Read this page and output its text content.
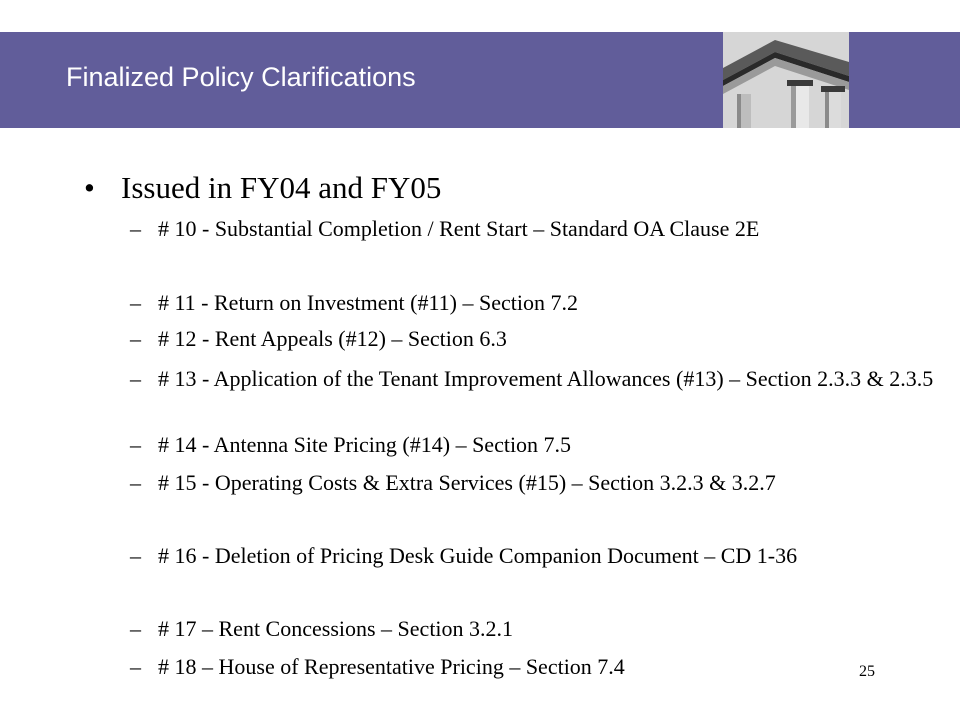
Finalized Policy Clarifications
• Issued in FY04 and FY05
– # 10 - Substantial Completion / Rent Start – Standard OA Clause 2E
– # 11 - Return on Investment (#11) – Section 7.2
– # 12 - Rent Appeals (#12) – Section 6.3
– # 13 - Application of the Tenant Improvement Allowances (#13) – Section 2.3.3 & 2.3.5
– # 14 - Antenna Site Pricing (#14) – Section 7.5
– # 15 - Operating Costs & Extra Services (#15) – Section 3.2.3 & 3.2.7
– # 16 - Deletion of Pricing Desk Guide Companion Document – CD 1-36
– # 17 – Rent Concessions – Section 3.2.1
– # 18 – House of Representative Pricing – Section 7.4	25
